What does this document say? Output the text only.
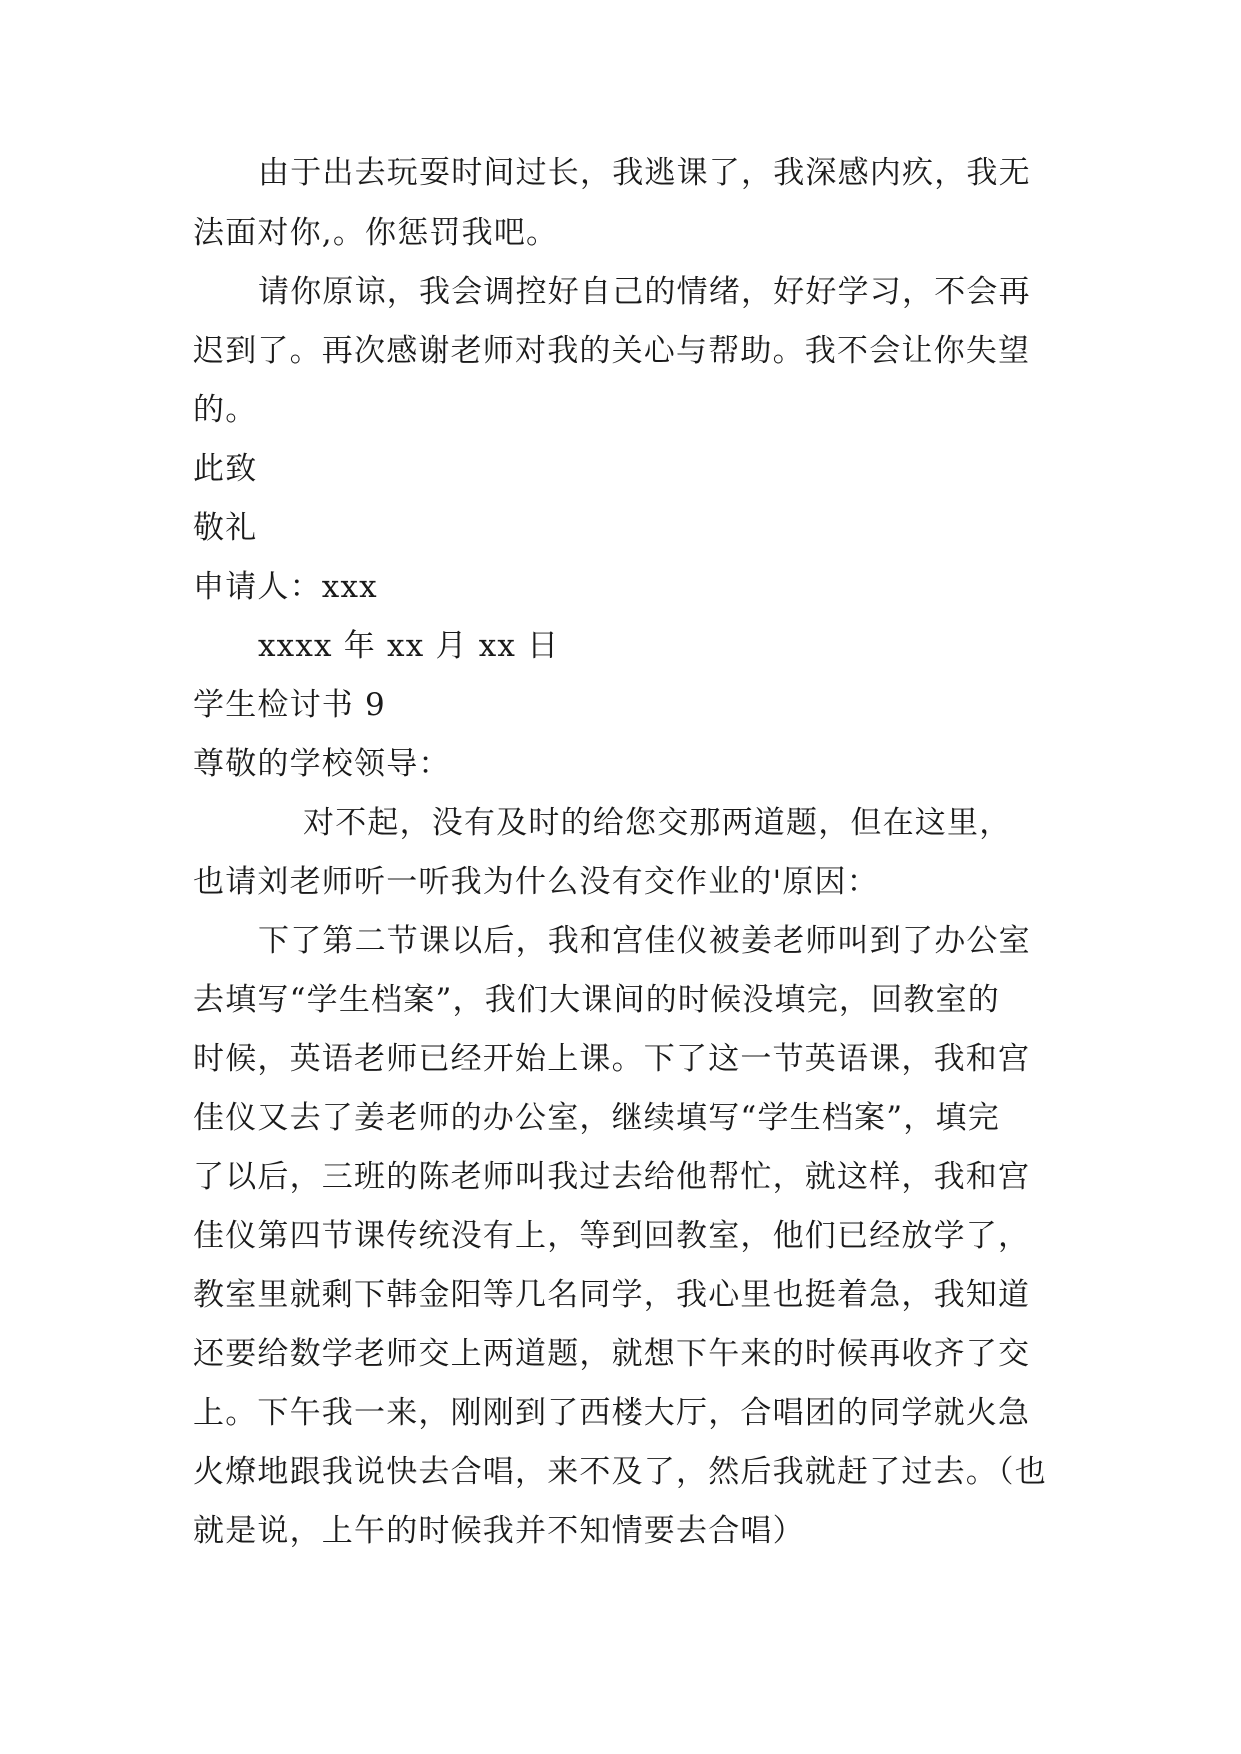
由于出去玩耍时间过长，我逃课了，我深感内疚，我无
法面对你,。你惩罚我吧。
请你原谅，我会调控好自己的情绪，好好学习，不会再
迟到了。再次感谢老师对我的关心与帮助。我不会让你失望
的。
此致
敬礼
申请人：xxx
xxxx 年 xx 月 xx 日
学生检讨书 9
尊敬的学校领导：
对不起，没有及时的给您交那两道题，但在这里，
也请刘老师听一听我为什么没有交作业的'原因：
下了第二节课以后，我和宫佳仪被姜老师叫到了办公室
去填写“学生档案”，我们大课间的时候没填完，回教室的
时候，英语老师已经开始上课。下了这一节英语课，我和宫
佳仪又去了姜老师的办公室，继续填写“学生档案”，填完
了以后，三班的陈老师叫我过去给他帮忙，就这样，我和宫
佳仪第四节课传统没有上，等到回教室，他们已经放学了，
教室里就剩下韩金阳等几名同学，我心里也挺着急，我知道
还要给数学老师交上两道题，就想下午来的时候再收齐了交
上。下午我一来，刚刚到了西楼大厅，合唱团的同学就火急
火燎地跟我说快去合唱，来不及了，然后我就赶了过去。（也
就是说，上午的时候我并不知情要去合唱）
